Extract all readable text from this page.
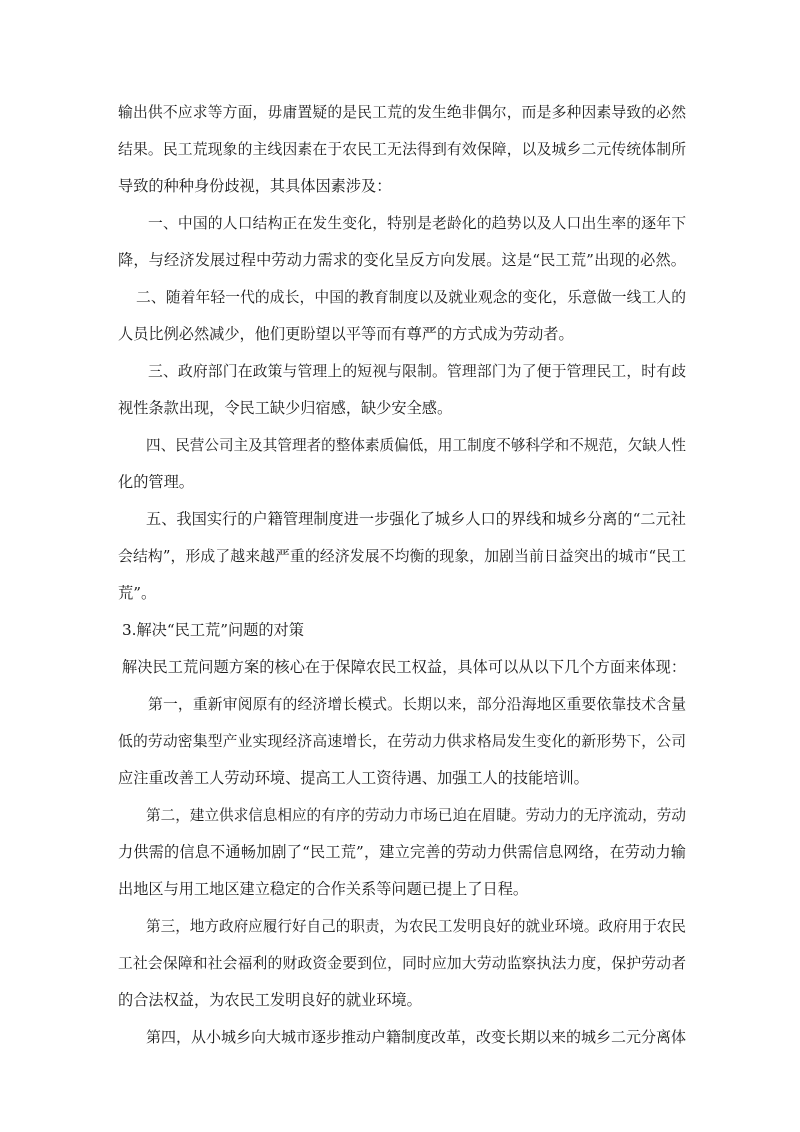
输出供不应求等方面，毋庸置疑的是民工荒的发生绝非偶尔，而是多种因素导致的必然
结果。民工荒现象的主线因素在于农民工无法得到有效保障，以及城乡二元传统体制所
导致的种种身份歧视，其具体因素涉及：
一、中国的人口结构正在发生变化，特别是老龄化的趋势以及人口出生率的逐年下
降，与经济发展过程中劳动力需求的变化呈反方向发展。这是“民工荒”出现的必然。
二、随着年轻一代的成长，中国的教育制度以及就业观念的变化，乐意做一线工人的
人员比例必然减少，他们更盼望以平等而有尊严的方式成为劳动者。
三、政府部门在政策与管理上的短视与限制。管理部门为了便于管理民工，时有歧
视性条款出现，令民工缺少归宿感，缺少安全感。
四、民营公司主及其管理者的整体素质偏低，用工制度不够科学和不规范，欠缺人性
化的管理。
五、我国实行的户籍管理制度进一步强化了城乡人口的界线和城乡分离的“二元社
会结构”，形成了越来越严重的经济发展不均衡的现象，加剧当前日益突出的城市“民工
荒”。
3.解决“民工荒”问题的对策
解决民工荒问题方案的核心在于保障农民工权益，具体可以从以下几个方面来体现：
第一，重新审阅原有的经济增长模式。长期以来，部分沿海地区重要依靠技术含量
低的劳动密集型产业实现经济高速增长，在劳动力供求格局发生变化的新形势下，公司
应注重改善工人劳动环境、提高工人工资待遇、加强工人的技能培训。
第二，建立供求信息相应的有序的劳动力市场已迫在眉睫。劳动力的无序流动，劳动
力供需的信息不通畅加剧了“民工荒”，建立完善的劳动力供需信息网络，在劳动力输
出地区与用工地区建立稳定的合作关系等问题已提上了日程。
第三，地方政府应履行好自己的职责，为农民工发明良好的就业环境。政府用于农民
工社会保障和社会福利的财政资金要到位，同时应加大劳动监察执法力度，保护劳动者
的合法权益，为农民工发明良好的就业环境。
第四，从小城乡向大城市逐步推动户籍制度改革，改变长期以来的城乡二元分离体
